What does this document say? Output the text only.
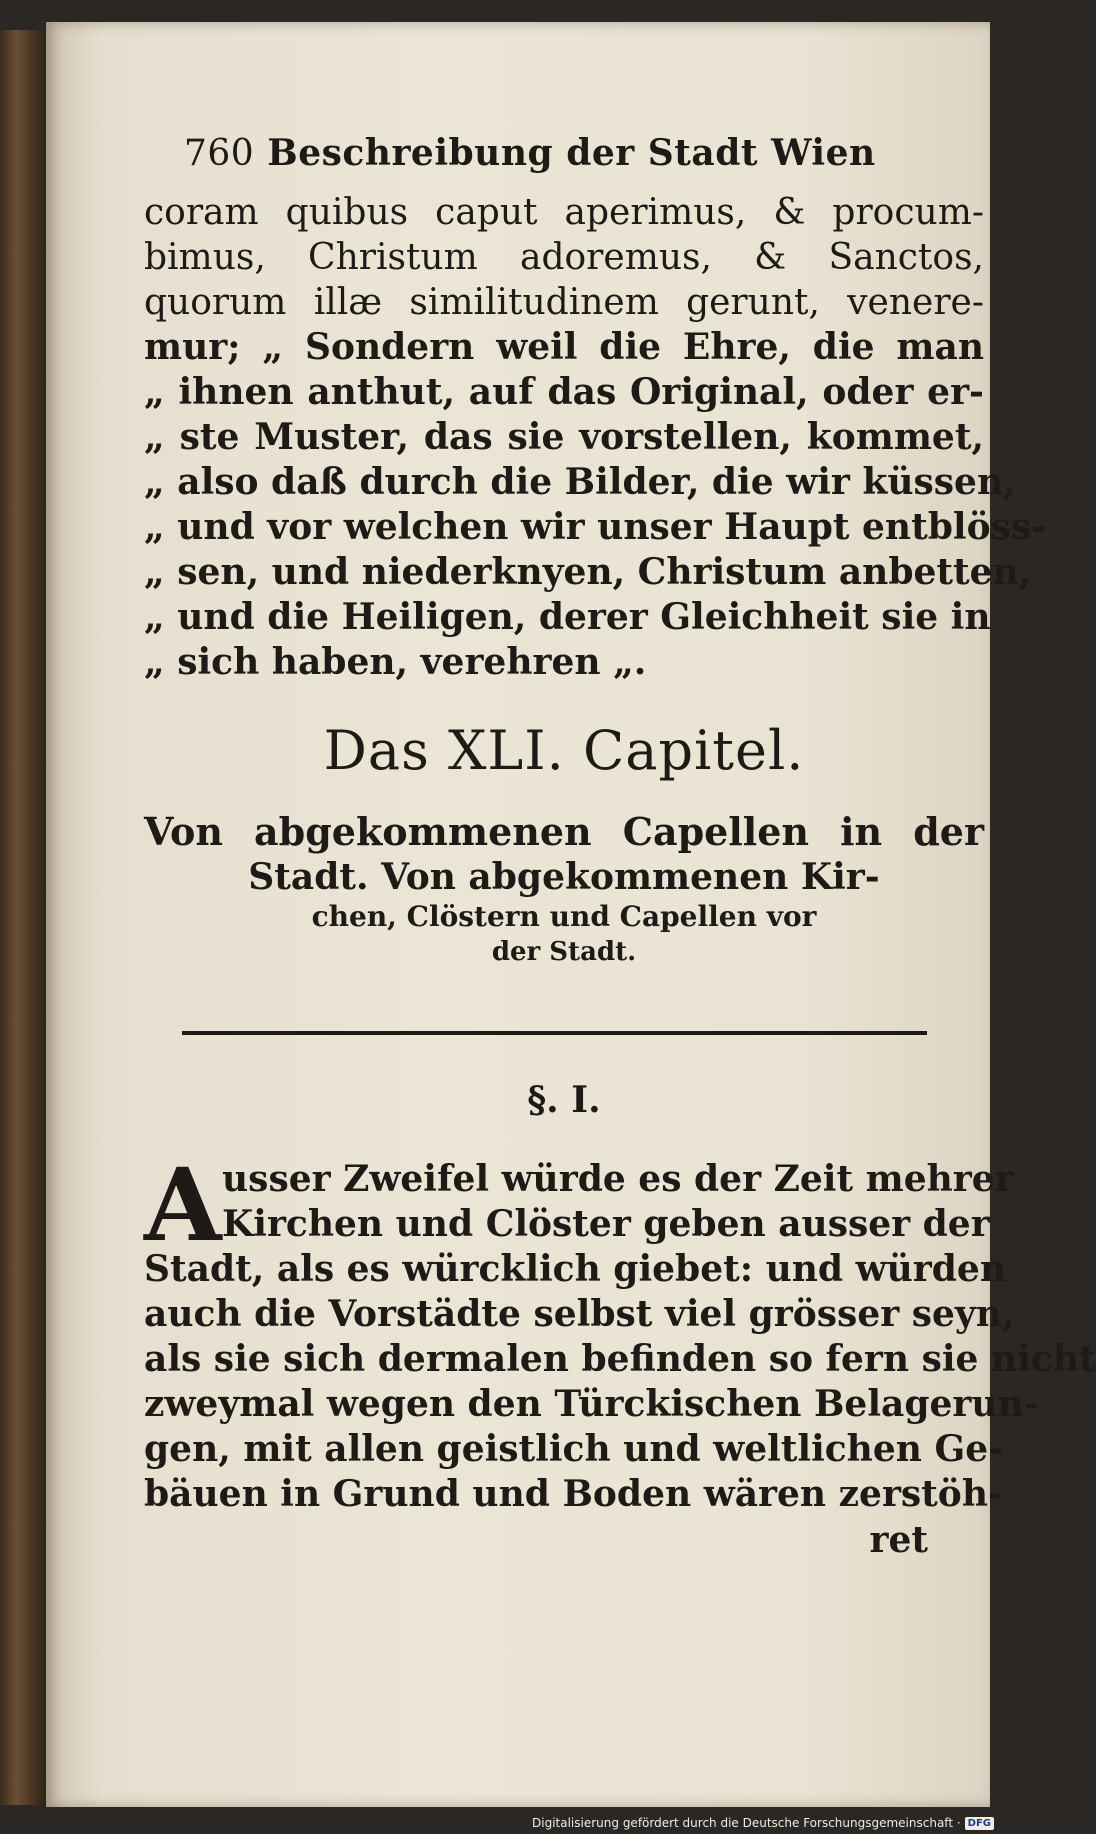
760 Beschreibung der Stadt Wien
coram quibus caput aperimus, & procum-
bimus, Christum adoremus, & Sanctos,
quorum illæ similitudinem gerunt, venere-
mur; „ Sondern weil die Ehre, die man
„ ihnen anthut, auf das Original, oder er-
„ ste Muster, das sie vorstellen, kommet,
„ also daß durch die Bilder, die wir küssen,
„ und vor welchen wir unser Haupt entblöss-
„ sen, und niederknyen, Christum anbetten,
„ und die Heiligen, derer Gleichheit sie in
„ sich haben, verehren „.
Das XLI. Capitel.
Von abgekommenen Capellen in der
Stadt. Von abgekommenen Kir-
chen, Clöstern und Capellen vor
der Stadt.
§. I.
A usser Zweifel würde es der Zeit mehrer
Kirchen und Clöster geben ausser der
Stadt, als es würcklich giebet: und würden
auch die Vorstädte selbst viel grösser seyn,
als sie sich dermalen befinden so fern sie nicht
zweymal wegen den Türckischen Belagerun-
gen, mit allen geistlich und weltlichen Ge-
bäuen in Grund und Boden wären zerstöh-
ret
Digitalisierung gefördert durch die Deutsche Forschungsgemeinschaft · DFG
